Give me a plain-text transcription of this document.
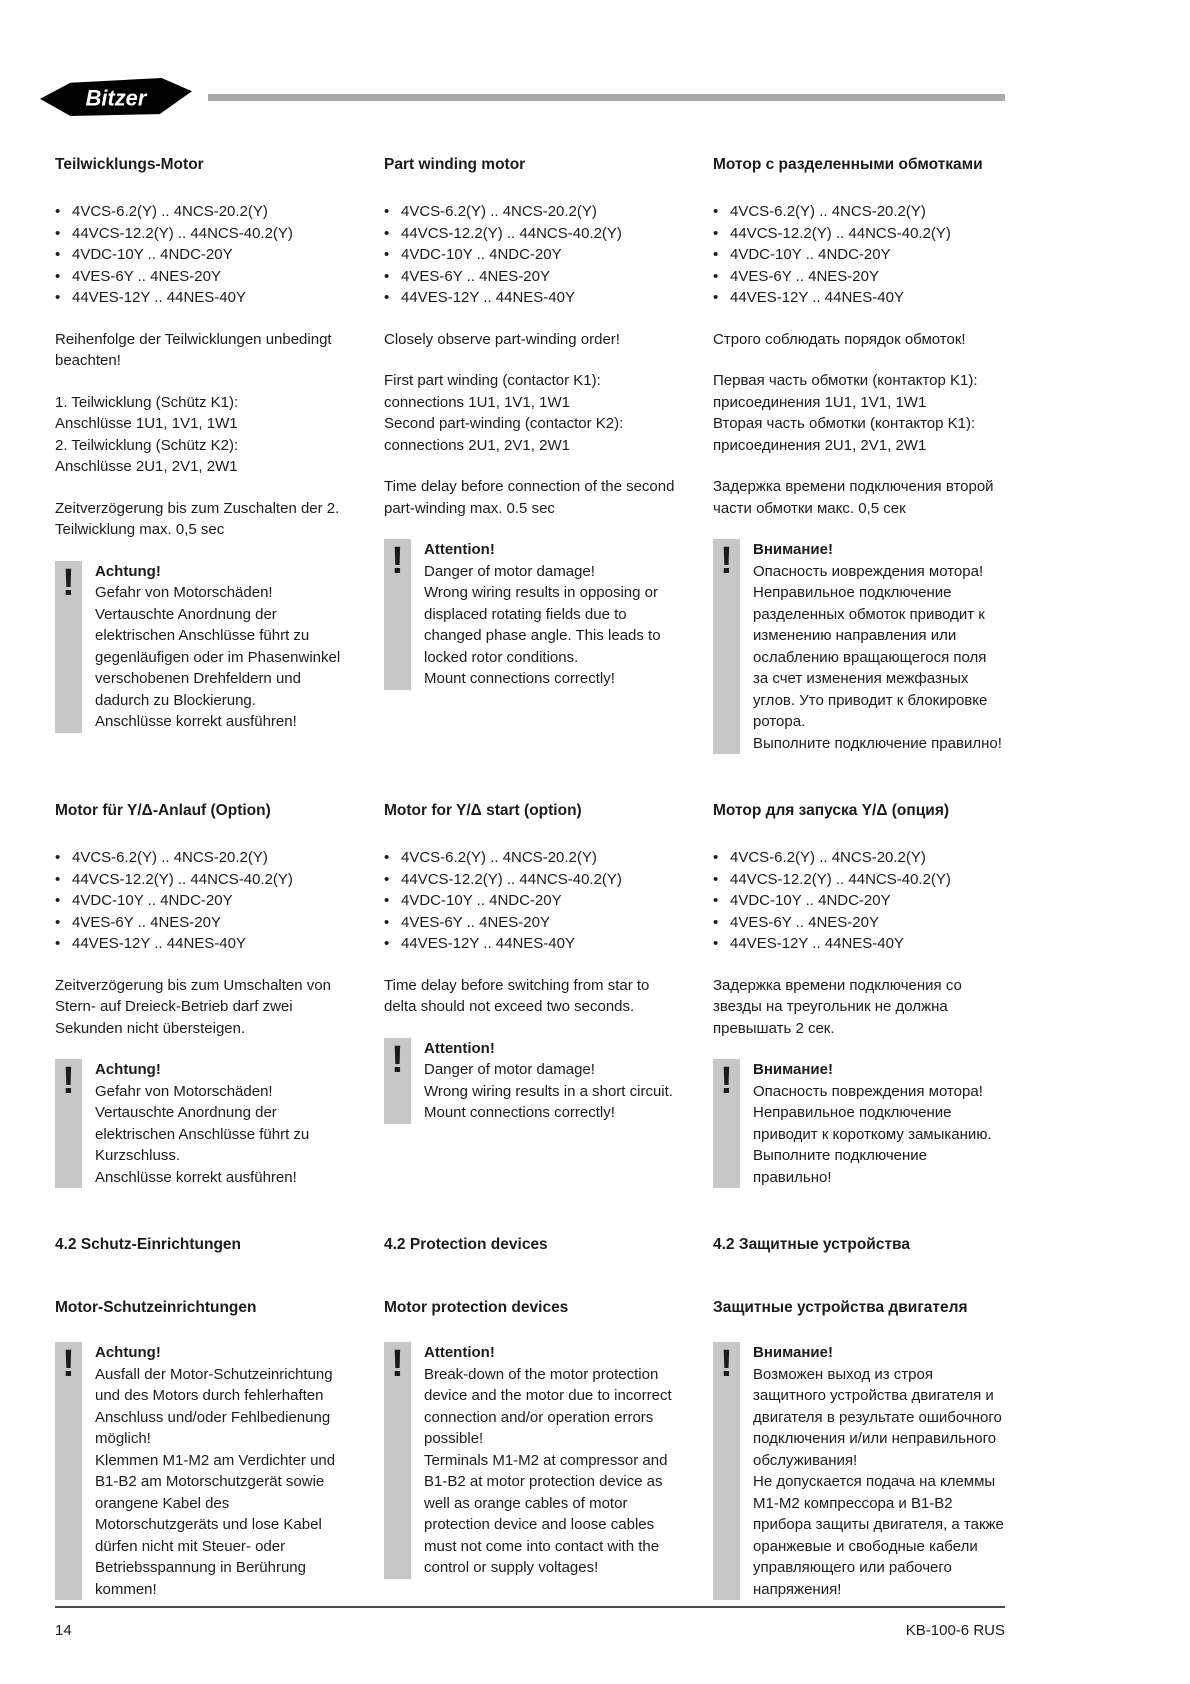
Bitzer
Teilwicklungs-Motor
• 4VCS-6.2(Y) .. 4NCS-20.2(Y)
• 44VCS-12.2(Y) .. 44NCS-40.2(Y)
• 4VDC-10Y .. 4NDC-20Y
• 4VES-6Y .. 4NES-20Y
• 44VES-12Y .. 44NES-40Y

Reihenfolge der Teilwicklungen unbedingt beachten!

1. Teilwicklung (Schütz K1):
Anschlüsse 1U1, 1V1, 1W1
2. Teilwicklung (Schütz K2):
Anschlüsse 2U1, 2V1, 2W1

Zeitverzögerung bis zum Zuschalten der 2. Teilwicklung max. 0,5 sec

! Achtung!
Gefahr von Motorschäden!
Vertauschte Anordnung der elektrischen Anschlüsse führt zu gegenläufigen oder im Phasenwinkel verschobenen Drehfeldern und dadurch zu Blockierung.
Anschlüsse korrekt ausführen!
Part winding motor
• 4VCS-6.2(Y) .. 4NCS-20.2(Y)
• 44VCS-12.2(Y) .. 44NCS-40.2(Y)
• 4VDC-10Y .. 4NDC-20Y
• 4VES-6Y .. 4NES-20Y
• 44VES-12Y .. 44NES-40Y

Closely observe part-winding order!

First part winding (contactor K1):
connections 1U1, 1V1, 1W1
Second part-winding (contactor K2):
connections 2U1, 2V1, 2W1

Time delay before connection of the second part-winding max. 0.5 sec

! Attention!
Danger of motor damage!
Wrong wiring results in opposing or displaced rotating fields due to changed phase angle. This leads to locked rotor conditions.
Mount connections correctly!
Мотор с разделенными обмотками
• 4VCS-6.2(Y) .. 4NCS-20.2(Y)
• 44VCS-12.2(Y) .. 44NCS-40.2(Y)
• 4VDC-10Y .. 4NDC-20Y
• 4VES-6Y .. 4NES-20Y
• 44VES-12Y .. 44NES-40Y

Строго соблюдать порядок обмоток!

Первая часть обмотки (контактор K1):
присоединения 1U1, 1V1, 1W1
Вторая часть обмотки (контактор K1):
присоединения 2U1, 2V1, 2W1

Задержка времени подключения второй части обмотки макс. 0,5 сек

! Внимание!
Опасность иовреждения мотора!
Неправильное подключение разделенных обмоток приводит к изменению направления или ослаблению вращающегося поля за счет изменения межфазных углов. Уто приводит к блокировке ротора.
Выполните подключение правилно!
Motor für Y/Δ-Anlauf (Option)
• 4VCS-6.2(Y) .. 4NCS-20.2(Y)
• 44VCS-12.2(Y) .. 44NCS-40.2(Y)
• 4VDC-10Y .. 4NDC-20Y
• 4VES-6Y .. 4NES-20Y
• 44VES-12Y .. 44NES-40Y

Zeitverzögerung bis zum Umschalten von Stern- auf Dreieck-Betrieb darf zwei Sekunden nicht übersteigen.

! Achtung!
Gefahr von Motorschäden!
Vertauschte Anordnung der elektrischen Anschlüsse führt zu Kurzschluss.
Anschlüsse korrekt ausführen!
Motor for Y/Δ start (option)
• 4VCS-6.2(Y) .. 4NCS-20.2(Y)
• 44VCS-12.2(Y) .. 44NCS-40.2(Y)
• 4VDC-10Y .. 4NDC-20Y
• 4VES-6Y .. 4NES-20Y
• 44VES-12Y .. 44NES-40Y

Time delay before switching from star to delta should not exceed two seconds.

! Attention!
Danger of motor damage!
Wrong wiring results in a short circuit.
Mount connections correctly!
Мотор для запуска Y/Δ (опция)
• 4VCS-6.2(Y) .. 4NCS-20.2(Y)
• 44VCS-12.2(Y) .. 44NCS-40.2(Y)
• 4VDC-10Y .. 4NDC-20Y
• 4VES-6Y .. 4NES-20Y
• 44VES-12Y .. 44NES-40Y

Задержка времени подключения со звезды на треугольник не должна превышать 2 сек.

! Внимание!
Опасность повреждения мотора!
Неправильное подключение приводит к короткому замыканию.
Выполните подключение правильно!
4.2 Schutz-Einrichtungen
Motor-Schutzeinrichtungen
! Achtung!
Ausfall der Motor-Schutzeinrichtung und des Motors durch fehlerhaften Anschluss und/oder Fehlbedienung möglich!
Klemmen M1-M2 am Verdichter und B1-B2 am Motorschutzgerät sowie orangene Kabel des Motorschutzgeräts und lose Kabel dürfen nicht mit Steuer- oder Betriebsspannung in Berührung kommen!
4.2 Protection devices
Motor protection devices
! Attention!
Break-down of the motor protection device and the motor due to incorrect connection and/or operation errors possible!
Terminals M1-M2 at compressor and B1-B2 at motor protection device as well as orange cables of motor protection device and loose cables must not come into contact with the control or supply voltages!
4.2 Защитные устройства
Защитные устройства двигателя
! Внимание!
Возможен выход из строя защитного устройства двигателя и двигателя в результате ошибочного подключения и/или неправильного обслуживания!
Не допускается подача на клеммы M1-M2 компрессора и B1-B2 прибора защиты двигателя, а также оранжевые и свободные кабели управляющего или рабочего напряжения!
14	KB-100-6 RUS
